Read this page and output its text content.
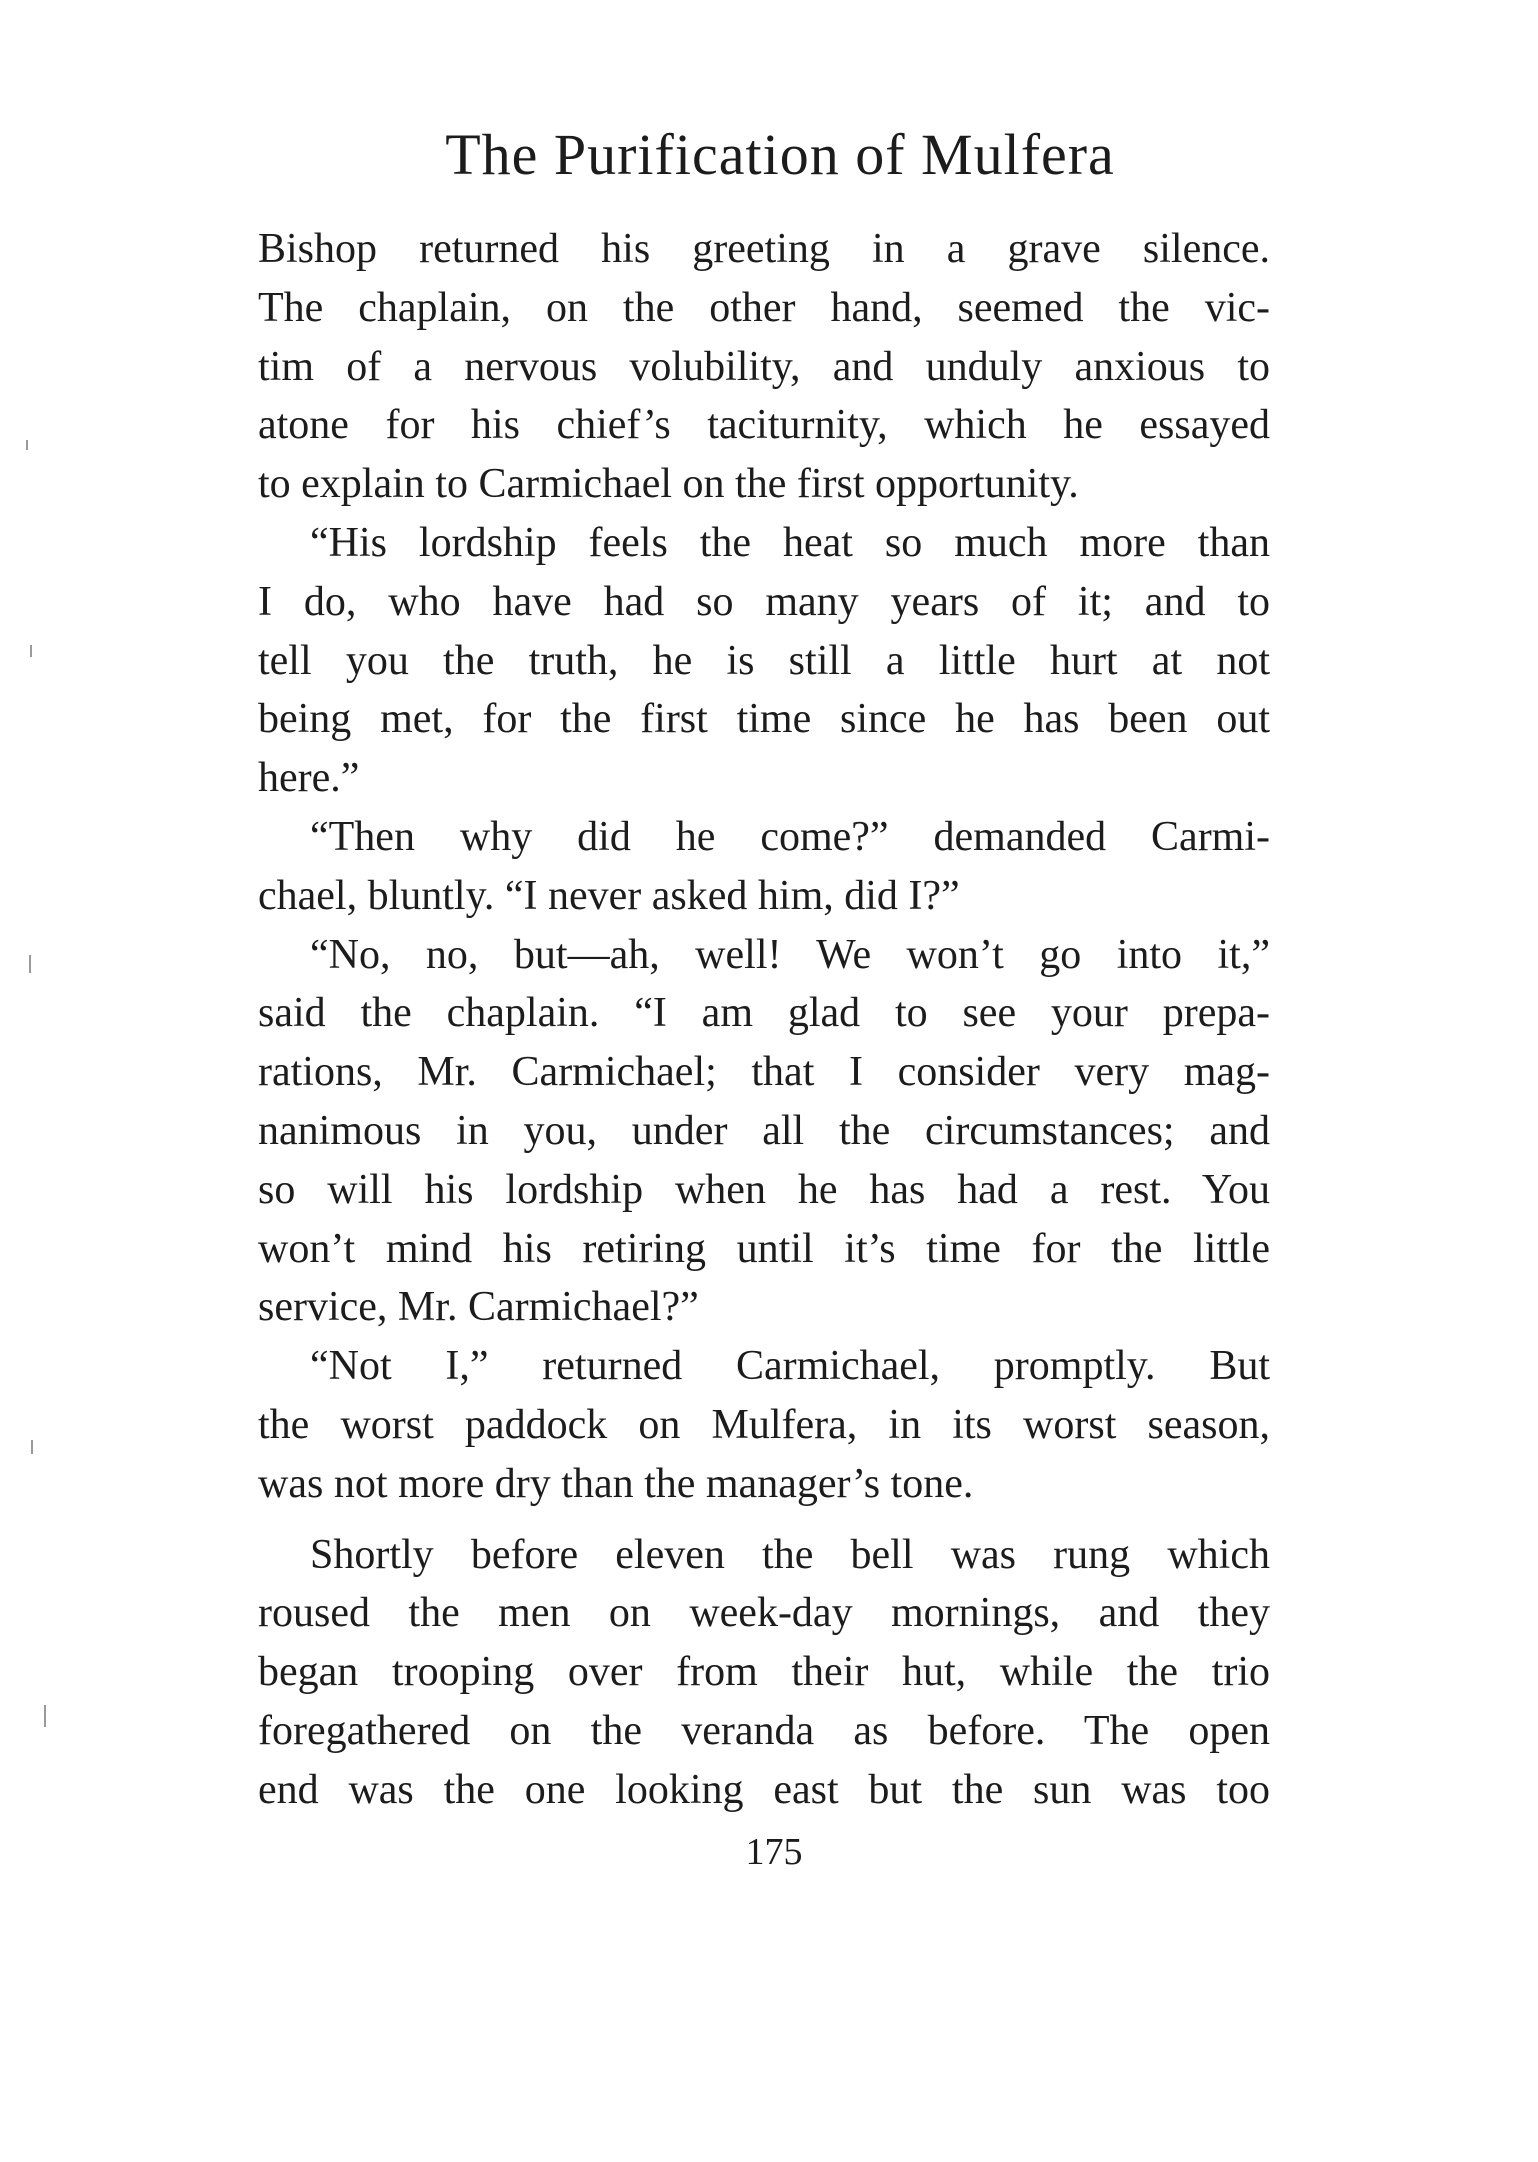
The Purification of Mulfera
Bishop returned his greeting in a grave silence.
The chaplain, on the other hand, seemed the vic-
tim of a nervous volubility, and unduly anxious to
atone for his chief’s taciturnity, which he essayed
to explain to Carmichael on the first opportunity.
“His lordship feels the heat so much more than
I do, who have had so many years of it; and to
tell you the truth, he is still a little hurt at not
being met, for the first time since he has been out
here.”
“Then why did he come?” demanded Carmi-
chael, bluntly. “I never asked him, did I?”
“No, no, but—ah, well! We won’t go into it,”
said the chaplain. “I am glad to see your prepa-
rations, Mr. Carmichael; that I consider very mag-
nanimous in you, under all the circumstances; and
so will his lordship when he has had a rest. You
won’t mind his retiring until it’s time for the little
service, Mr. Carmichael?”
“Not I,” returned Carmichael, promptly. But
the worst paddock on Mulfera, in its worst season,
was not more dry than the manager’s tone.
Shortly before eleven the bell was rung which
roused the men on week-day mornings, and they
began trooping over from their hut, while the trio
foregathered on the veranda as before. The open
end was the one looking east but the sun was too
175
